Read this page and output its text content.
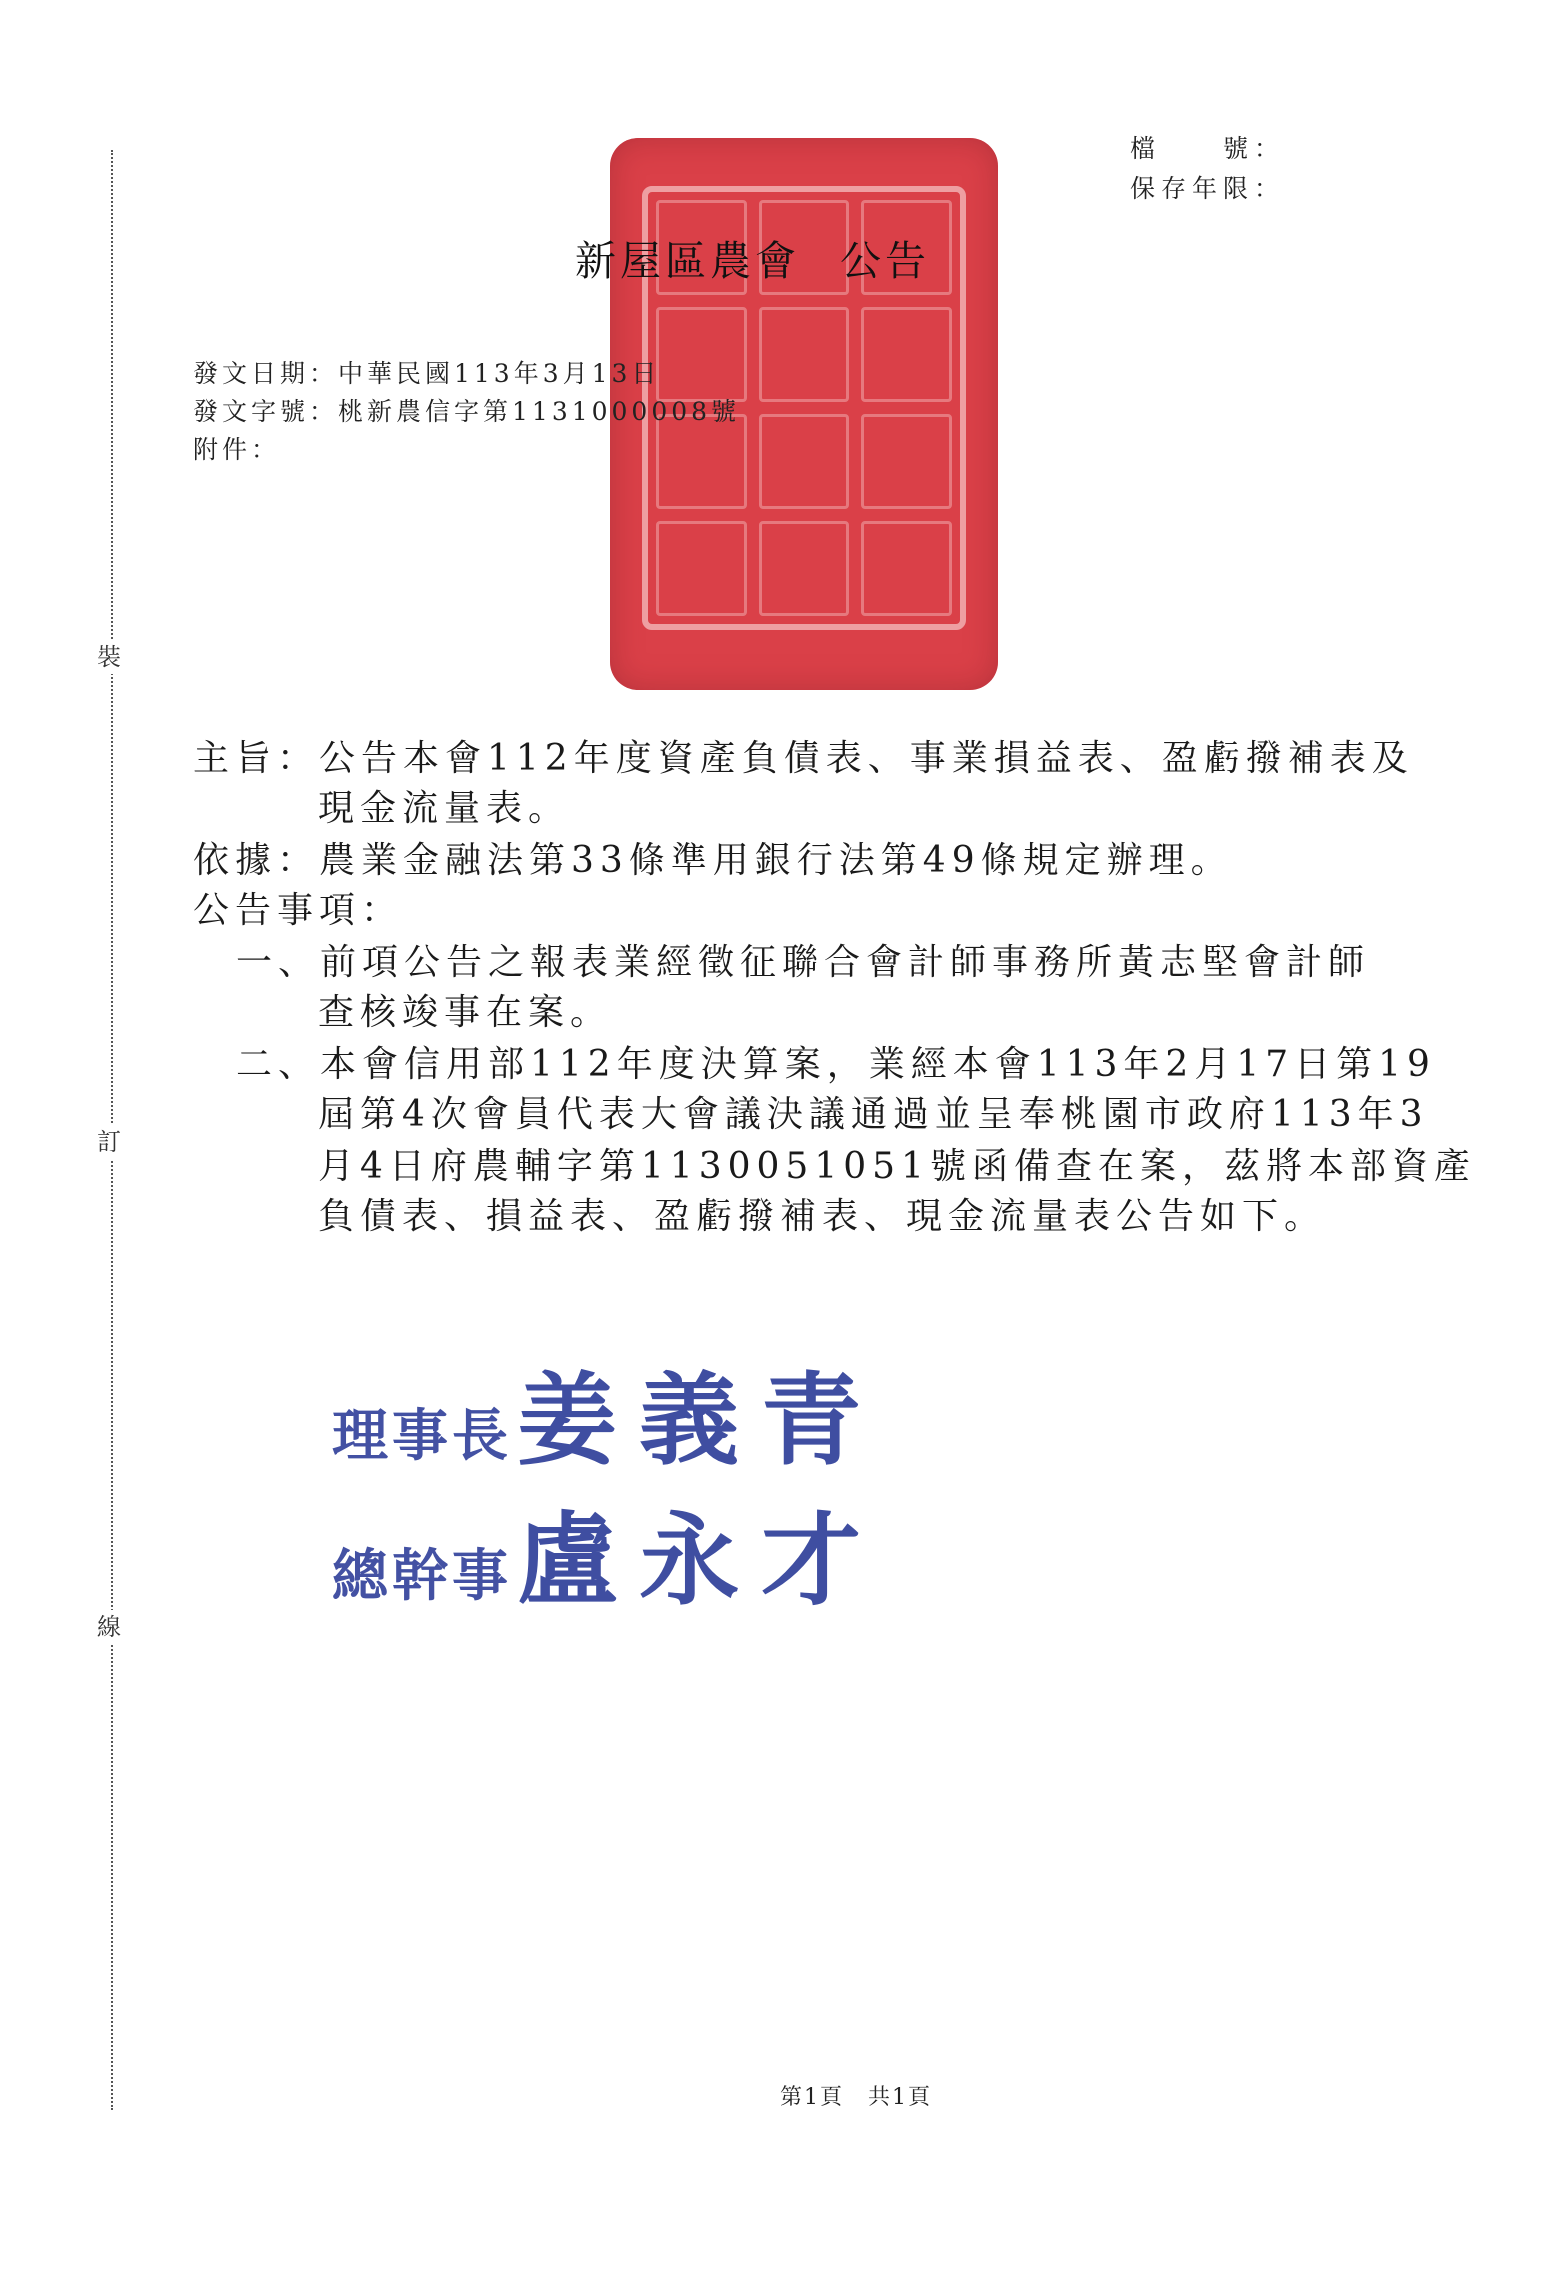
裝
訂
線
檔　　號：
保存年限：
新屋區農會 公告
發文日期：中華民國113年3月13日
發文字號：桃新農信字第1131000008號
附件：
主旨：公告本會112年度資產負債表、事業損益表、盈虧撥補表及
現金流量表。
依據：農業金融法第33條準用銀行法第49條規定辦理。
公告事項：
一、前項公告之報表業經徵征聯合會計師事務所黃志堅會計師
查核竣事在案。
二、本會信用部112年度決算案，業經本會113年2月17日第19
屆第4次會員代表大會議決議通過並呈奉桃園市政府113年3
月4日府農輔字第1130051051號函備查在案，茲將本部資產
負債表、損益表、盈虧撥補表、現金流量表公告如下。
理事長 姜義青
總幹事 盧永才
第1頁　共1頁
